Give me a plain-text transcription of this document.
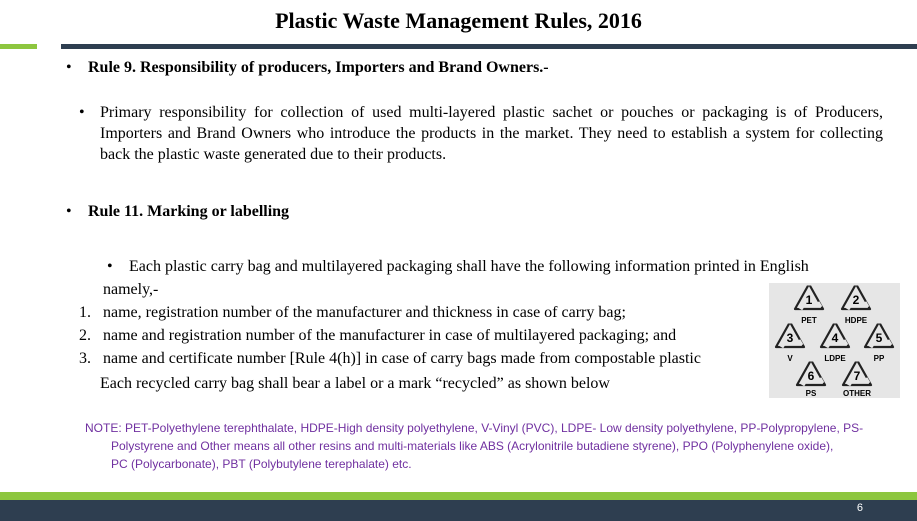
Plastic Waste Management Rules, 2016
• Rule 9. Responsibility of producers, Importers and Brand Owners.-
• Primary responsibility for collection of used multi-layered plastic sachet or pouches or packaging is of Producers, Importers and Brand Owners who introduce the products in the market. They need to establish a system for collecting back the plastic waste generated due to their products.
• Rule 11. Marking or labelling
• Each plastic carry bag and multilayered packaging shall have the following information printed in English
namely,-
1. name, registration number of the manufacturer and thickness in case of carry bag;
2. name and registration number of the manufacturer in case of multilayered packaging; and
3. name and certificate number [Rule 4(h)] in case of carry bags made from compostable plastic
Each recycled carry bag shall bear a label or a mark “recycled” as shown below
1
PET
2
HDPE
3
V
4
LDPE
5
PP
6
PS
7
OTHER
NOTE: PET-Polyethylene terephthalate, HDPE-High density polyethylene, V-Vinyl (PVC), LDPE- Low density polyethylene, PP-Polypropylene, PS-
Polystyrene and Other means all other resins and multi-materials like ABS (Acrylonitrile butadiene styrene), PPO (Polyphenylene oxide),
PC (Polycarbonate), PBT (Polybutylene terephalate) etc.
6
